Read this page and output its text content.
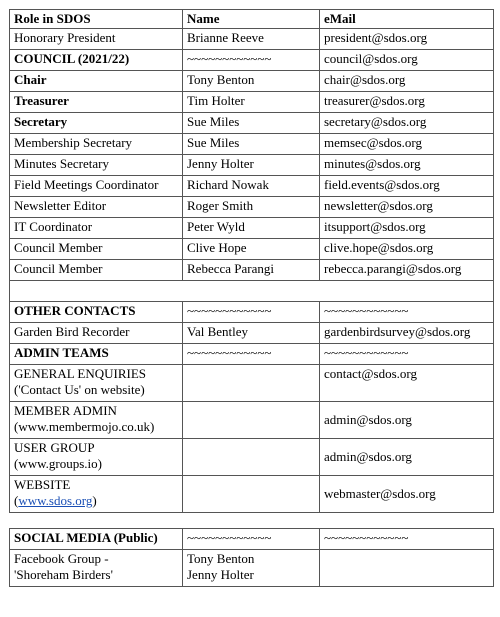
Role in SDOS	Name	eMail
Honorary President	Brianne Reeve	president@sdos.org
COUNCIL (2021/22)	~~~~~~~~~~~~	council@sdos.org
Chair	Tony Benton	chair@sdos.org
Treasurer	Tim Holter	treasurer@sdos.org
Secretary	Sue Miles	secretary@sdos.org
Membership Secretary	Sue Miles	memsec@sdos.org
Minutes Secretary	Jenny Holter	minutes@sdos.org
Field Meetings Coordinator	Richard Nowak	field.events@sdos.org
Newsletter Editor	Roger Smith	newsletter@sdos.org
IT Coordinator	Peter Wyld	itsupport@sdos.org
Council Member	Clive Hope	clive.hope@sdos.org
Council Member	Rebecca Parangi	rebecca.parangi@sdos.org

OTHER CONTACTS	~~~~~~~~~~~~	~~~~~~~~~~~~
Garden Bird Recorder	Val Bentley	gardenbirdsurvey@sdos.org
ADMIN TEAMS	~~~~~~~~~~~~	~~~~~~~~~~~~

GENERAL ENQUIRIES
('Contact Us' on website)		contact@sdos.org

MEMBER ADMIN
(www.membermojo.co.uk)		admin@sdos.org

USER GROUP
(www.groups.io)		admin@sdos.org

WEBSITE
(www.sdos.org)		webmaster@sdos.org
SOCIAL MEDIA (Public)	~~~~~~~~~~~~	~~~~~~~~~~~~

Facebook Group -
'Shoreham Birders'	Tony Benton
Jenny Holter	
